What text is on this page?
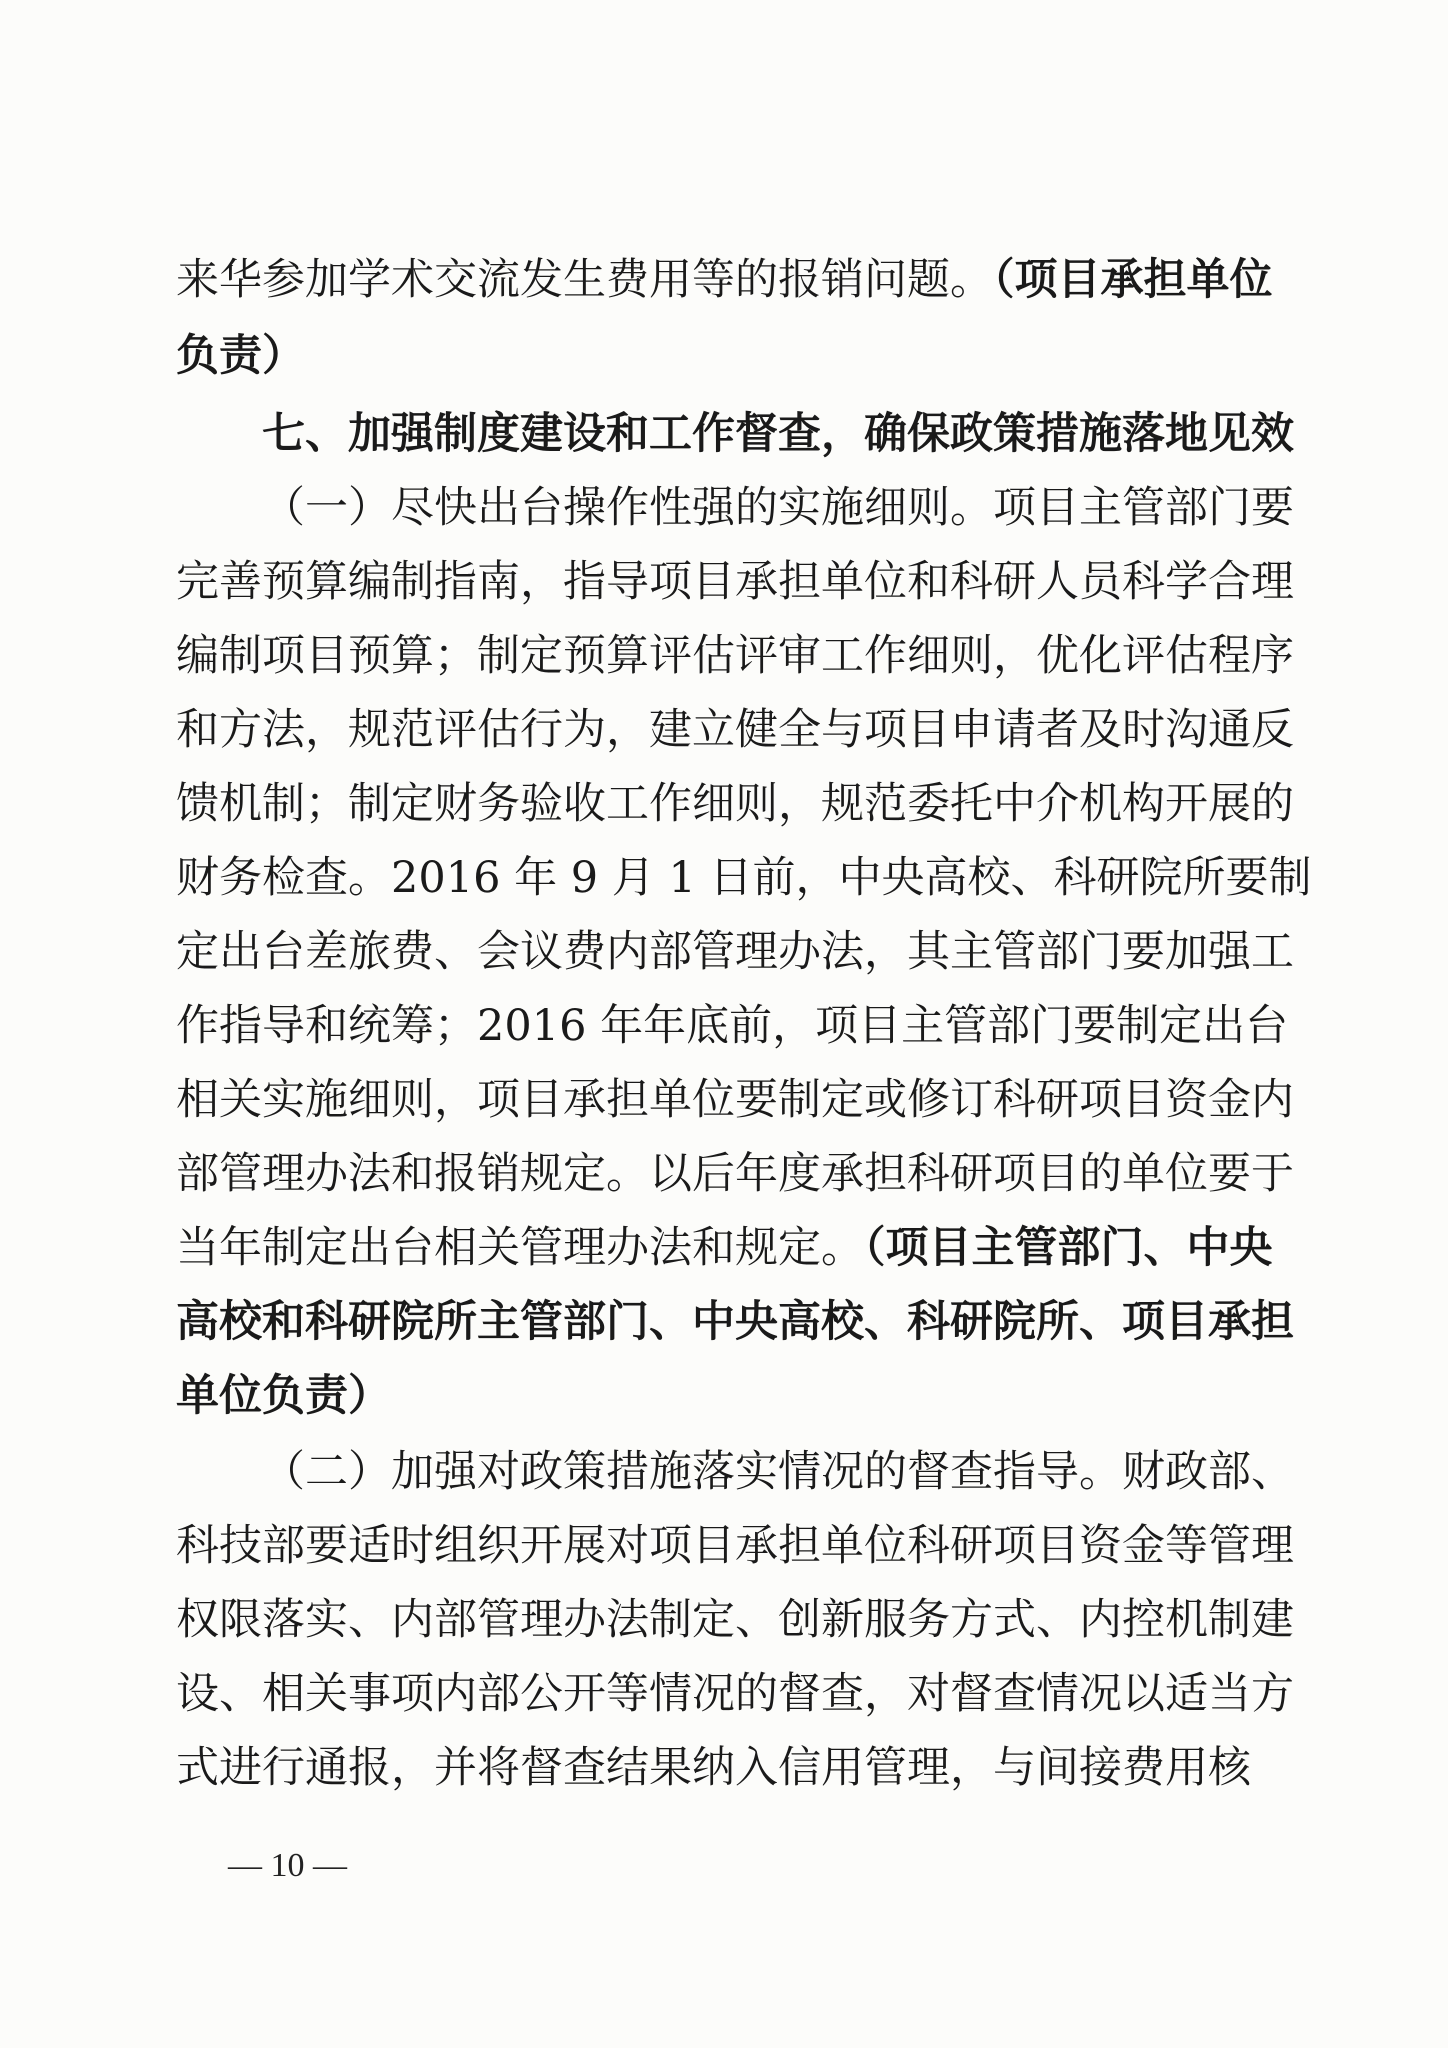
来华参加学术交流发生费用等的报销问题。（项目承担单位
负责）
七、加强制度建设和工作督查，确保政策措施落地见效
（一）尽快出台操作性强的实施细则。项目主管部门要
完善预算编制指南，指导项目承担单位和科研人员科学合理
编制项目预算；制定预算评估评审工作细则，优化评估程序
和方法，规范评估行为，建立健全与项目申请者及时沟通反
馈机制；制定财务验收工作细则，规范委托中介机构开展的
财务检查。2016 年 9 月 1 日前，中央高校、科研院所要制
定出台差旅费、会议费内部管理办法，其主管部门要加强工
作指导和统筹；2016 年年底前，项目主管部门要制定出台
相关实施细则，项目承担单位要制定或修订科研项目资金内
部管理办法和报销规定。以后年度承担科研项目的单位要于
当年制定出台相关管理办法和规定。（项目主管部门、中央
高校和科研院所主管部门、中央高校、科研院所、项目承担
单位负责）
（二）加强对政策措施落实情况的督查指导。财政部、
科技部要适时组织开展对项目承担单位科研项目资金等管理
权限落实、内部管理办法制定、创新服务方式、内控机制建
设、相关事项内部公开等情况的督查，对督查情况以适当方
式进行通报，并将督查结果纳入信用管理，与间接费用核
— 10 —
